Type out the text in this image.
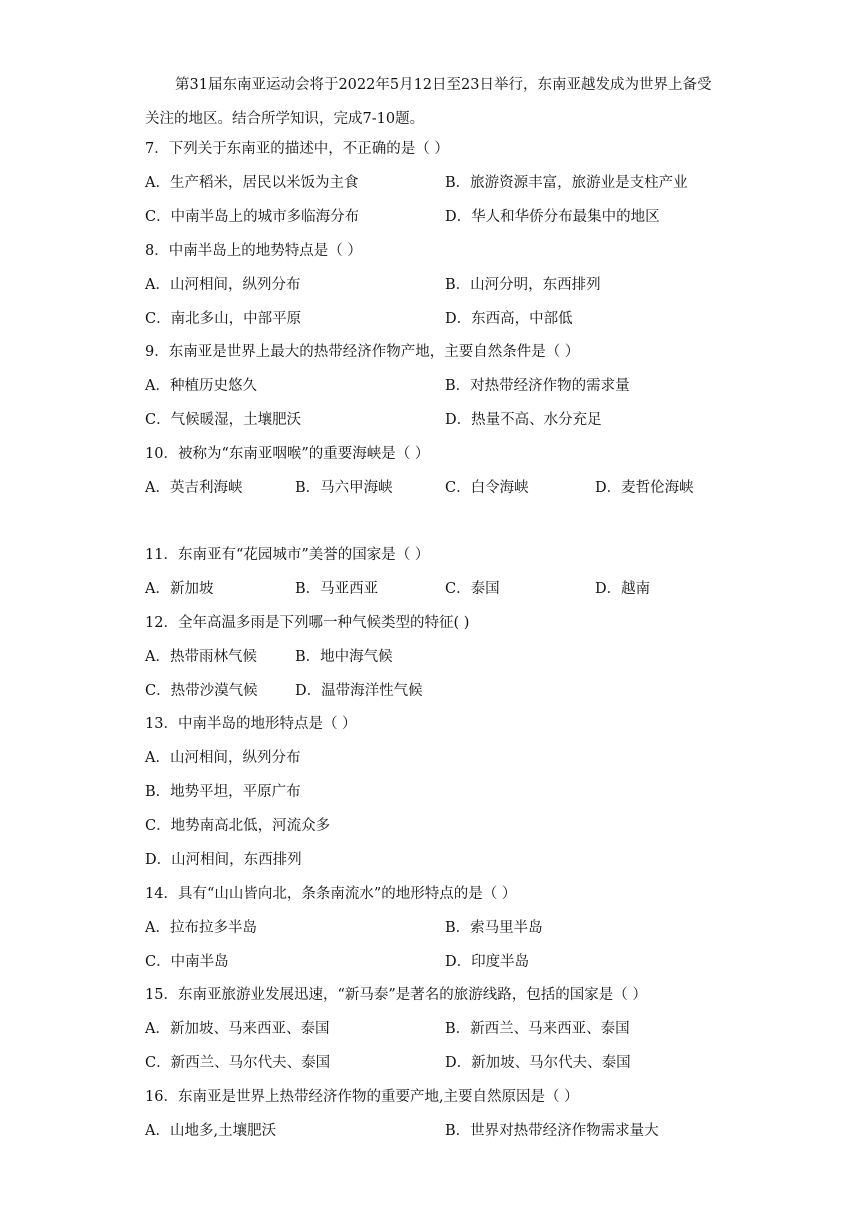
第31届东南亚运动会将于2022年5月12日至23日举行，东南亚越发成为世界上备受关注的地区。结合所学知识，完成7-10题。
7．下列关于东南亚的描述中，不正确的是（ ）
A．生产稻米，居民以米饭为主食	B．旅游资源丰富，旅游业是支柱产业
C．中南半岛上的城市多临海分布	D．华人和华侨分布最集中的地区
8．中南半岛上的地势特点是（ ）
A．山河相间，纵列分布	B．山河分明，东西排列
C．南北多山，中部平原	D．东西高，中部低
9．东南亚是世界上最大的热带经济作物产地，主要自然条件是（ ）
A．种植历史悠久	B．对热带经济作物的需求量
C．气候暖湿，土壤肥沃	D．热量不高、水分充足
10．被称为“东南亚咽喉”的重要海峡是（ ）
A．英吉利海峡	B．马六甲海峡	C．白令海峡	D．麦哲伦海峡
11．东南亚有“花园城市”美誉的国家是（ ）
A．新加坡	B．马亚西亚	C．泰国	D．越南
12．全年高温多雨是下列哪一种气候类型的特征( )
A．热带雨林气候	B．地中海气候
C．热带沙漠气候	D．温带海洋性气候
13．中南半岛的地形特点是（ ）
A．山河相间，纵列分布
B．地势平坦，平原广布
C．地势南高北低，河流众多
D．山河相间，东西排列
14．具有“山山皆向北，条条南流水”的地形特点的是（ ）
A．拉布拉多半岛	B．索马里半岛
C．中南半岛	D．印度半岛
15．东南亚旅游业发展迅速，“新马泰”是著名的旅游线路，包括的国家是（ ）
A．新加坡、马来西亚、泰国	B．新西兰、马来西亚、泰国
C．新西兰、马尔代夫、泰国	D．新加坡、马尔代夫、泰国
16．东南亚是世界上热带经济作物的重要产地,主要自然原因是（ ）
A．山地多,土壤肥沃	B．世界对热带经济作物需求量大
